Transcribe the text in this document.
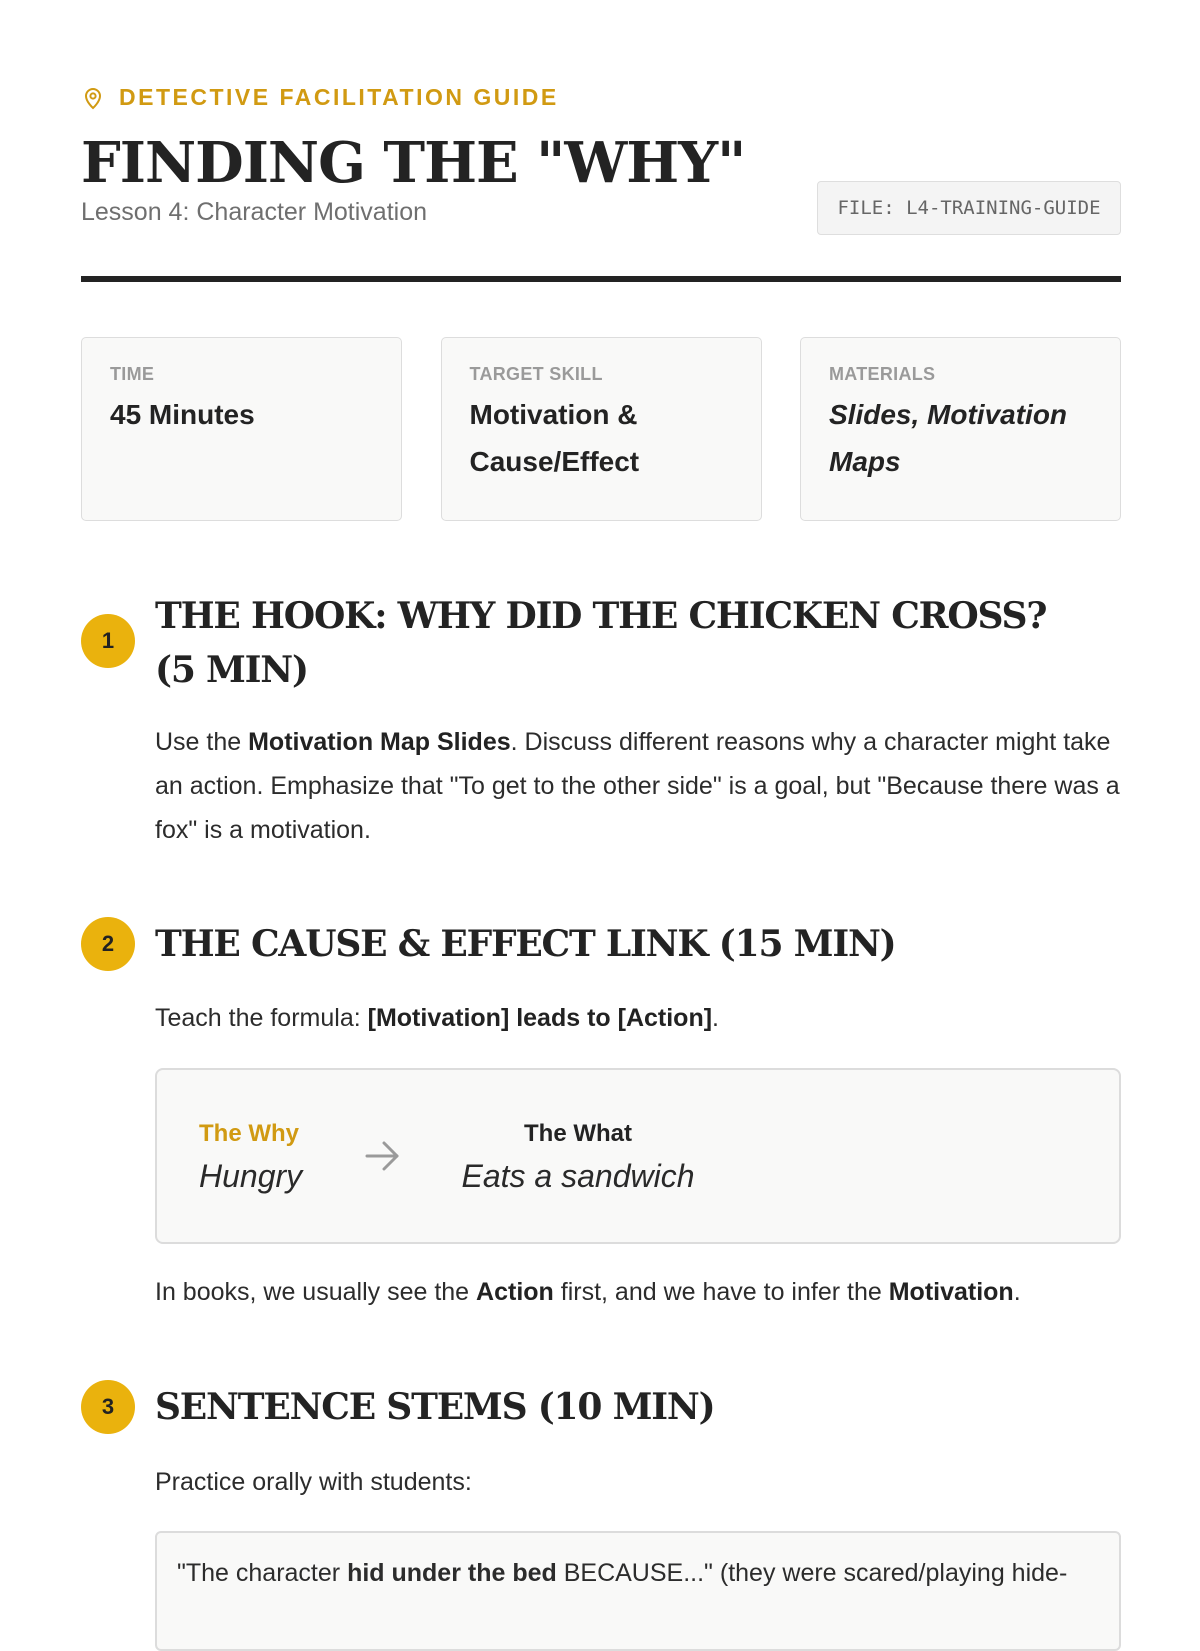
DETECTIVE FACILITATION GUIDE
FINDING THE "WHY"
Lesson 4: Character Motivation	FILE: L4-TRAINING-GUIDE
TIME
45 Minutes
TARGET SKILL
Motivation & Cause/Effect
MATERIALS
Slides, Motivation Maps
1
THE HOOK: WHY DID THE CHICKEN CROSS? (5 MIN)

Use the Motivation Map Slides. Discuss different reasons why a character might take an action. Emphasize that "To get to the other side" is a goal, but "Because there was a fox" is a motivation.

2	THE CAUSE & EFFECT LINK (15 MIN)

Teach the formula: [Motivation] leads to [Action].

The Why
Hungry
The What
Eats a sandwich

In books, we usually see the Action first, and we have to infer the Motivation.

3	SENTENCE STEMS (10 MIN)

Practice orally with students:

"The character hid under the bed BECAUSE..." (they were scared/playing hide-
